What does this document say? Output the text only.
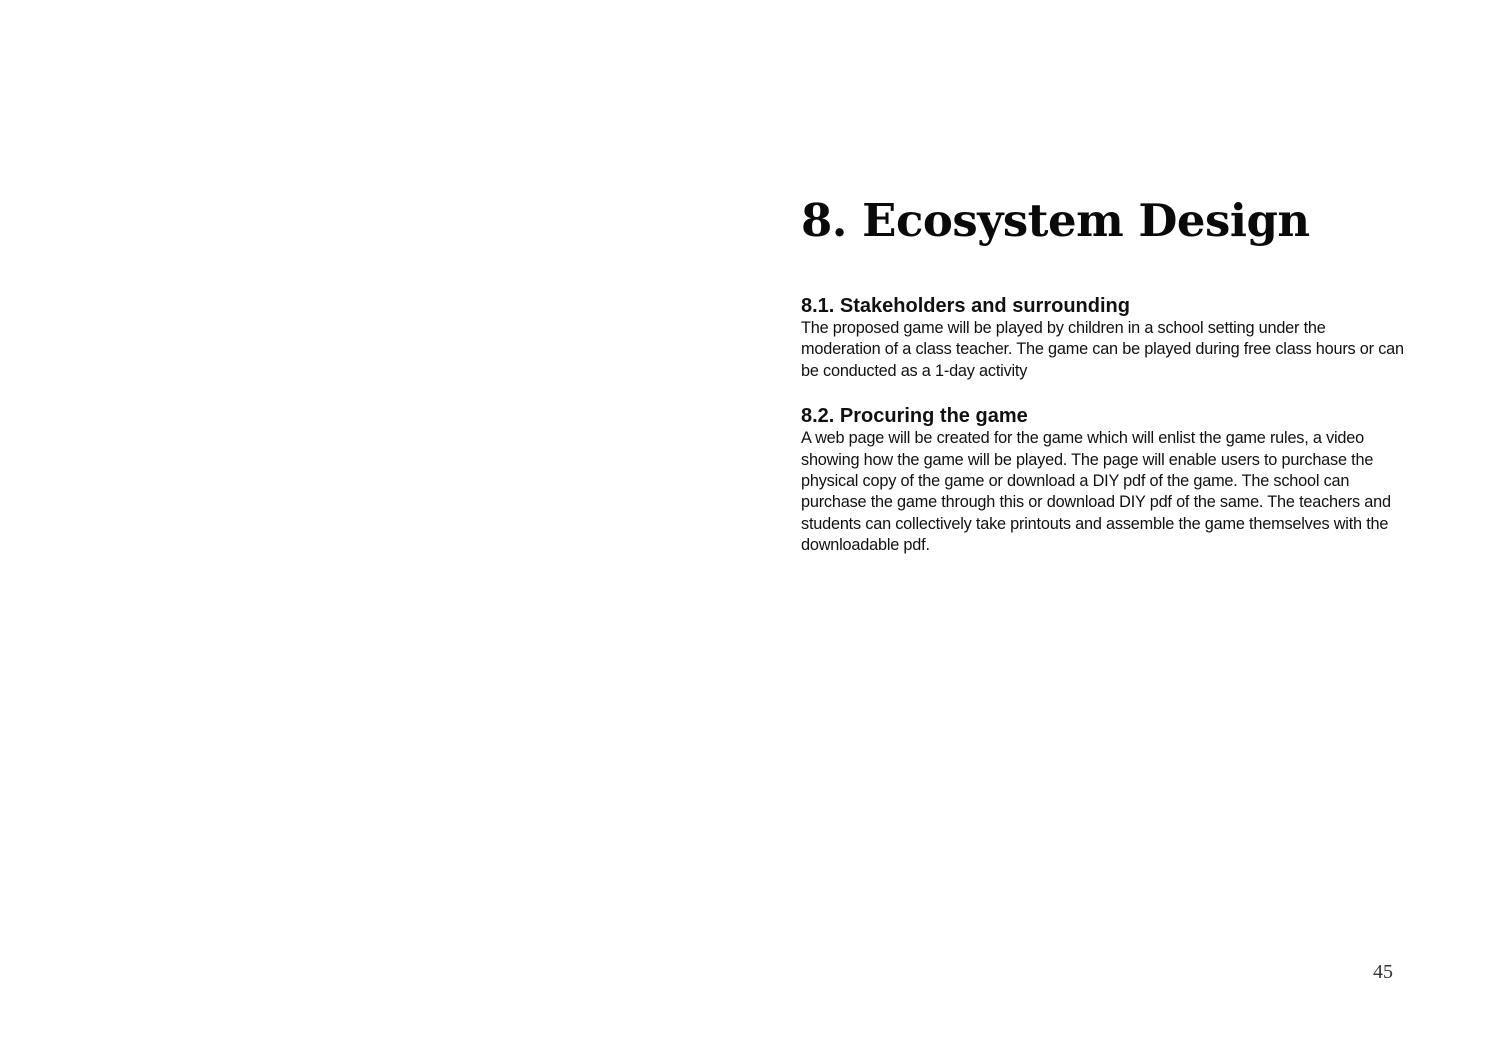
8. Ecosystem Design
8.1. Stakeholders and surrounding

The proposed game will be played by children in a school setting under the moderation of a class teacher. The game can be played during free class hours or can be conducted as a 1-day activity

8.2. Procuring the game

A web page will be created for the game which will enlist the game rules, a video showing how the game will be played. The page will enable users to purchase the physical copy of the game or download a DIY pdf of the game. The school can purchase the game through this or download DIY pdf of the same. The teachers and students can collectively take printouts and assemble the game themselves with the downloadable pdf.

45
